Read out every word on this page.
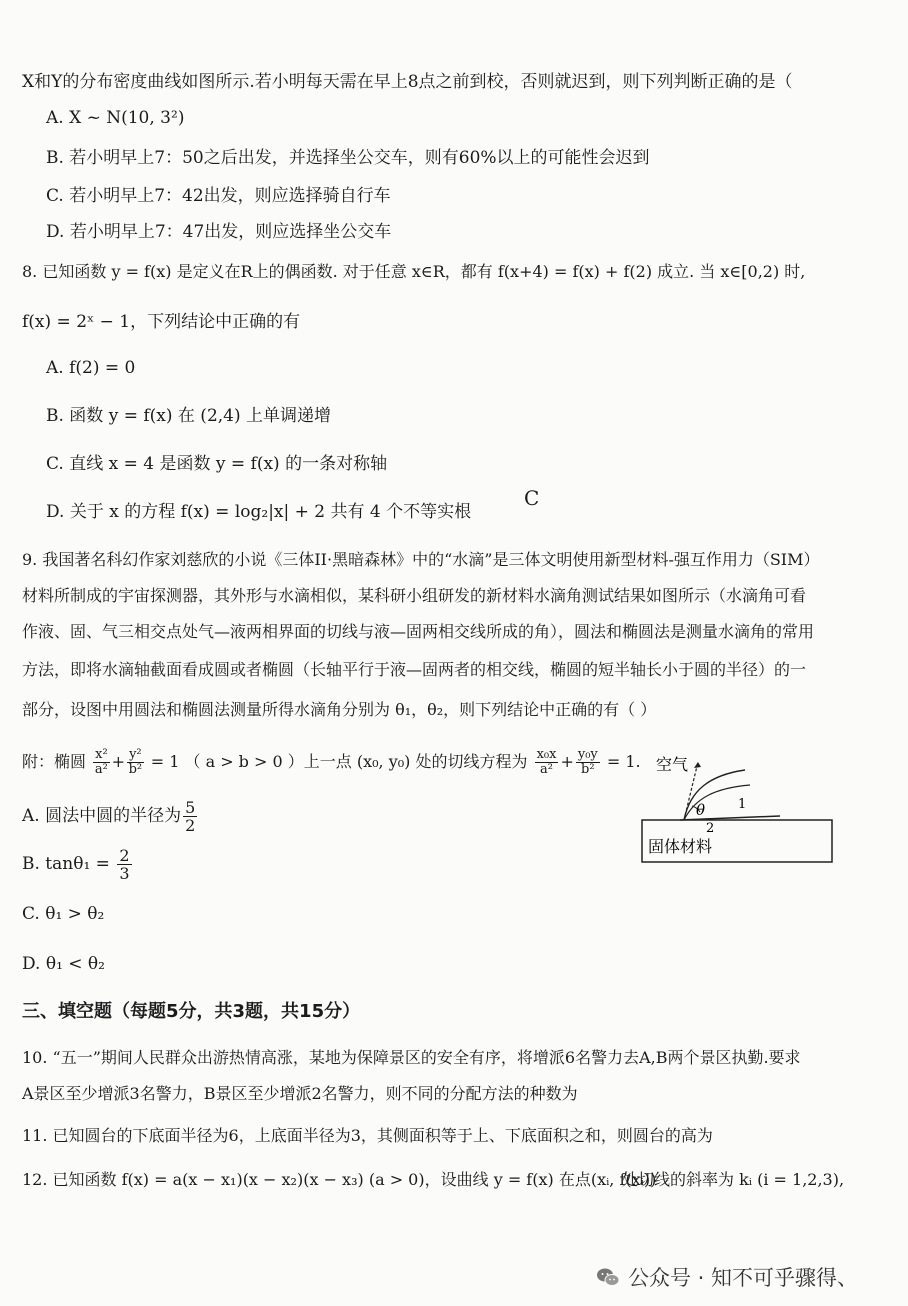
X和Y的分布密度曲线如图所示.若小明每天需在早上8点之前到校，否则就迟到，则下列判断正确的是（
A. X ~ N(10, 3²)
B. 若小明早上7：50之后出发，并选择坐公交车，则有60%以上的可能性会迟到
C. 若小明早上7：42出发，则应选择骑自行车
D. 若小明早上7：47出发，则应选择坐公交车
8. 已知函数 y = f(x) 是定义在R上的偶函数. 对于任意 x∈R，都有 f(x+4) = f(x) + f(2) 成立. 当 x∈[0,2) 时,
f(x) = 2ˣ − 1，下列结论中正确的有
A. f(2) = 0
B. 函数 y = f(x) 在 (2,4) 上单调递增
C. 直线 x = 4 是函数 y = f(x) 的一条对称轴
D. 关于 x 的方程 f(x) = log₂|x| + 2 共有 4 个不等实根
C
9. 我国著名科幻作家刘慈欣的小说《三体II·黑暗森林》中的“水滴”是三体文明使用新型材料-强互作用力（SIM）
材料所制成的宇宙探测器，其外形与水滴相似，某科研小组研发的新材料水滴角测试结果如图所示（水滴角可看
作液、固、气三相交点处气—液两相界面的切线与液—固两相交线所成的角），圆法和椭圆法是测量水滴角的常用
方法，即将水滴轴截面看成圆或者椭圆（长轴平行于液—固两者的相交线，椭圆的短半轴长小于圆的半径）的一
部分，设图中用圆法和椭圆法测量所得水滴角分别为 θ₁，θ₂，则下列结论中正确的有（ ）
附：椭圆 $\frac{\text{x²}}{\text{a²}} + \frac{\text{y²}}{\text{b²}} = 1$ （ a > b > 0 ）上一点 (x₀, y₀) 处的切线方程为 $\frac{\text{x₀x}}{\text{a²}} + \frac{\text{y₀y}}{\text{b²}} = 1$.
A. 圆法中圆的半径为 $\frac{5}{2}$
B. $\tan\theta_1 = \frac{2}{3}$
C. θ₁ > θ₂
D. θ₁ < θ₂
空气
θ	1
2
固体材料
三、填空题（每题5分，共3题，共15分）
10. “五一”期间人民群众出游热情高涨，某地为保障景区的安全有序，将增派6名警力去A,B两个景区执勤.要求
A景区至少增派3名警力，B景区至少增派2名警力，则不同的分配方法的种数为
11. 已知圆台的下底面半径为6，上底面半径为3，其侧面积等于上、下底面积之和，则圆台的高为
12. 已知函数 f(x) = a(x − x₁)(x − x₂)(x − x₃) (a > 0)，设曲线 y = f(x) 在点(xᵢ, f(xᵢ))
处切线的斜率为 kᵢ (i = 1,2,3),
公众号 · 知不可乎骤得、
